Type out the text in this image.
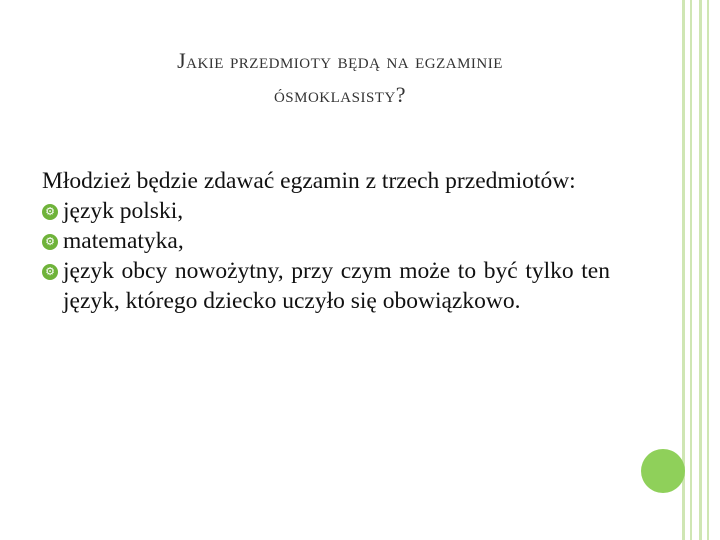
Jakie przedmioty będą na egzaminie
ósmoklasisty?

Młodzież będzie zdawać egzamin z trzech przedmiotów:

⚙ język polski,
⚙ matematyka,
⚙ język obcy nowożytny, przy czym może to być tylko ten język, którego dziecko uczyło się obowiązkowo.
